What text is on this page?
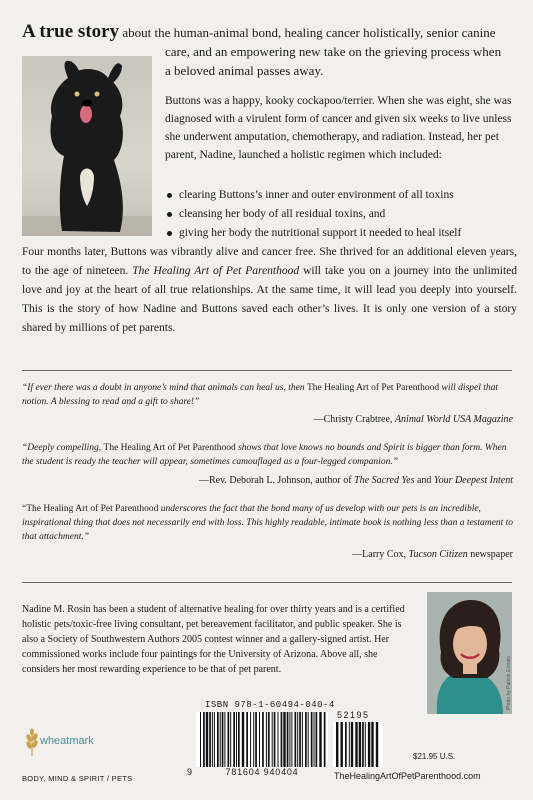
A true story about the human-animal bond, healing cancer holistically, senior canine
care, and an empowering new take on the grieving process when
a beloved animal passes away.

Buttons was a happy, kooky cockapoo/terrier. When she was eight, she was diagnosed with a virulent form of cancer and given six weeks to live unless she underwent amputation, chemotherapy, and radiation. Instead, her pet parent, Nadine, launched a holistic regimen which included:

clearing Buttons’s inner and outer environment of all toxins
cleansing her body of all residual toxins, and
giving her body the nutritional support it needed to heal itself

Four months later, Buttons was vibrantly alive and cancer free. She thrived for an additional eleven years, to the age of nineteen. The Healing Art of Pet Parenthood will take you on a journey into the unlimited love and joy at the heart of all true relationships. At the same time, it will lead you deeply into yourself. This is the story of how Nadine and Buttons saved each other’s lives. It is only one version of a story shared by millions of pet parents.

“If ever there was a doubt in anyone’s mind that animals can heal us, then The Healing Art of Pet Parenthood will dispel that notion. A blessing to read and a gift to share!”

—Christy Crabtree, Animal World USA Magazine

“Deeply compelling, The Healing Art of Pet Parenthood shows that love knows no bounds and Spirit is bigger than form. When the student is ready the teacher will appear, sometimes camouflaged as a four-legged companion.”

—Rev. Deborah L. Johnson, author of The Sacred Yes and Your Deepest Intent

“The Healing Art of Pet Parenthood underscores the fact that the bond many of us develop with our pets is an incredible, inspirational thing that does not necessarily end with loss. This highly readable, intimate book is nothing less than a testament to that attachment.”

—Larry Cox, Tucson Citizen newspaper

Nadine M. Rosin has been a student of alternative healing for over thirty years and is a certified holistic pets/toxic-free living consultant, pet bereavement facilitator, and public speaker. She is also a Society of Southwestern Authors 2005 contest winner and a gallery-signed artist. Her commissioned works include four paintings for the University of Arizona. Above all, she considers her most rewarding experience to be that of pet parent.	Photo by Patrick Grimes
ISBN 978-1-60494-040-4
52195
9	781604 940404
wheatmark
BODY, MIND & SPIRIT / PETS
$21.95 U.S.
TheHealingArtOfPetParenthood.com
